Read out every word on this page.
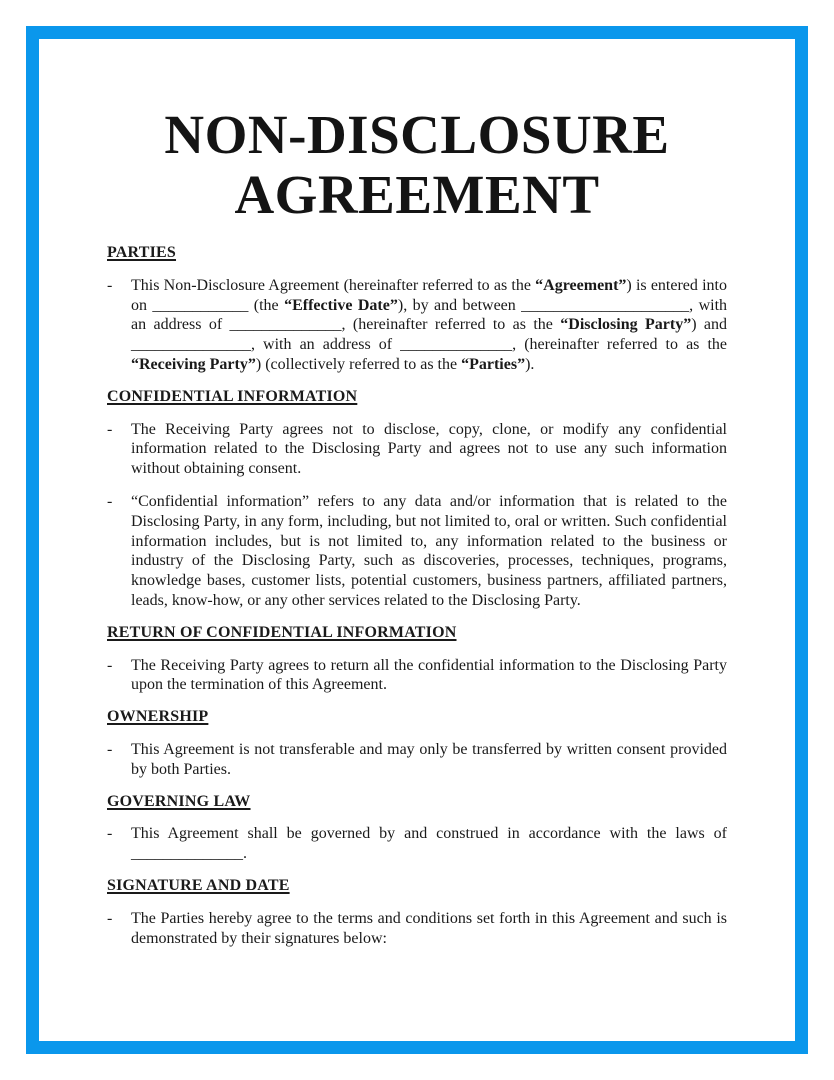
NON-DISCLOSURE
AGREEMENT
PARTIES
-	This Non-Disclosure Agreement (hereinafter referred to as the “Agreement”) is entered into on ____________ (the “Effective Date”), by and between _____________________, with an address of ______________, (hereinafter referred to as the “Disclosing Party”) and _______________, with an address of ______________, (hereinafter referred to as the “Receiving Party”) (collectively referred to as the “Parties”).
CONFIDENTIAL INFORMATION
-	The Receiving Party agrees not to disclose, copy, clone, or modify any confidential information related to the Disclosing Party and agrees not to use any such information without obtaining consent.
-	“Confidential information” refers to any data and/or information that is related to the Disclosing Party, in any form, including, but not limited to, oral or written. Such confidential information includes, but is not limited to, any information related to the business or industry of the Disclosing Party, such as discoveries, processes, techniques, programs, knowledge bases, customer lists, potential customers, business partners, affiliated partners, leads, know-how, or any other services related to the Disclosing Party.
RETURN OF CONFIDENTIAL INFORMATION
-	The Receiving Party agrees to return all the confidential information to the Disclosing Party upon the termination of this Agreement.
OWNERSHIP
-	This Agreement is not transferable and may only be transferred by written consent provided by both Parties.
GOVERNING LAW
-	This Agreement shall be governed by and construed in accordance with the laws of ______________.
SIGNATURE AND DATE
-	The Parties hereby agree to the terms and conditions set forth in this Agreement and such is demonstrated by their signatures below:
